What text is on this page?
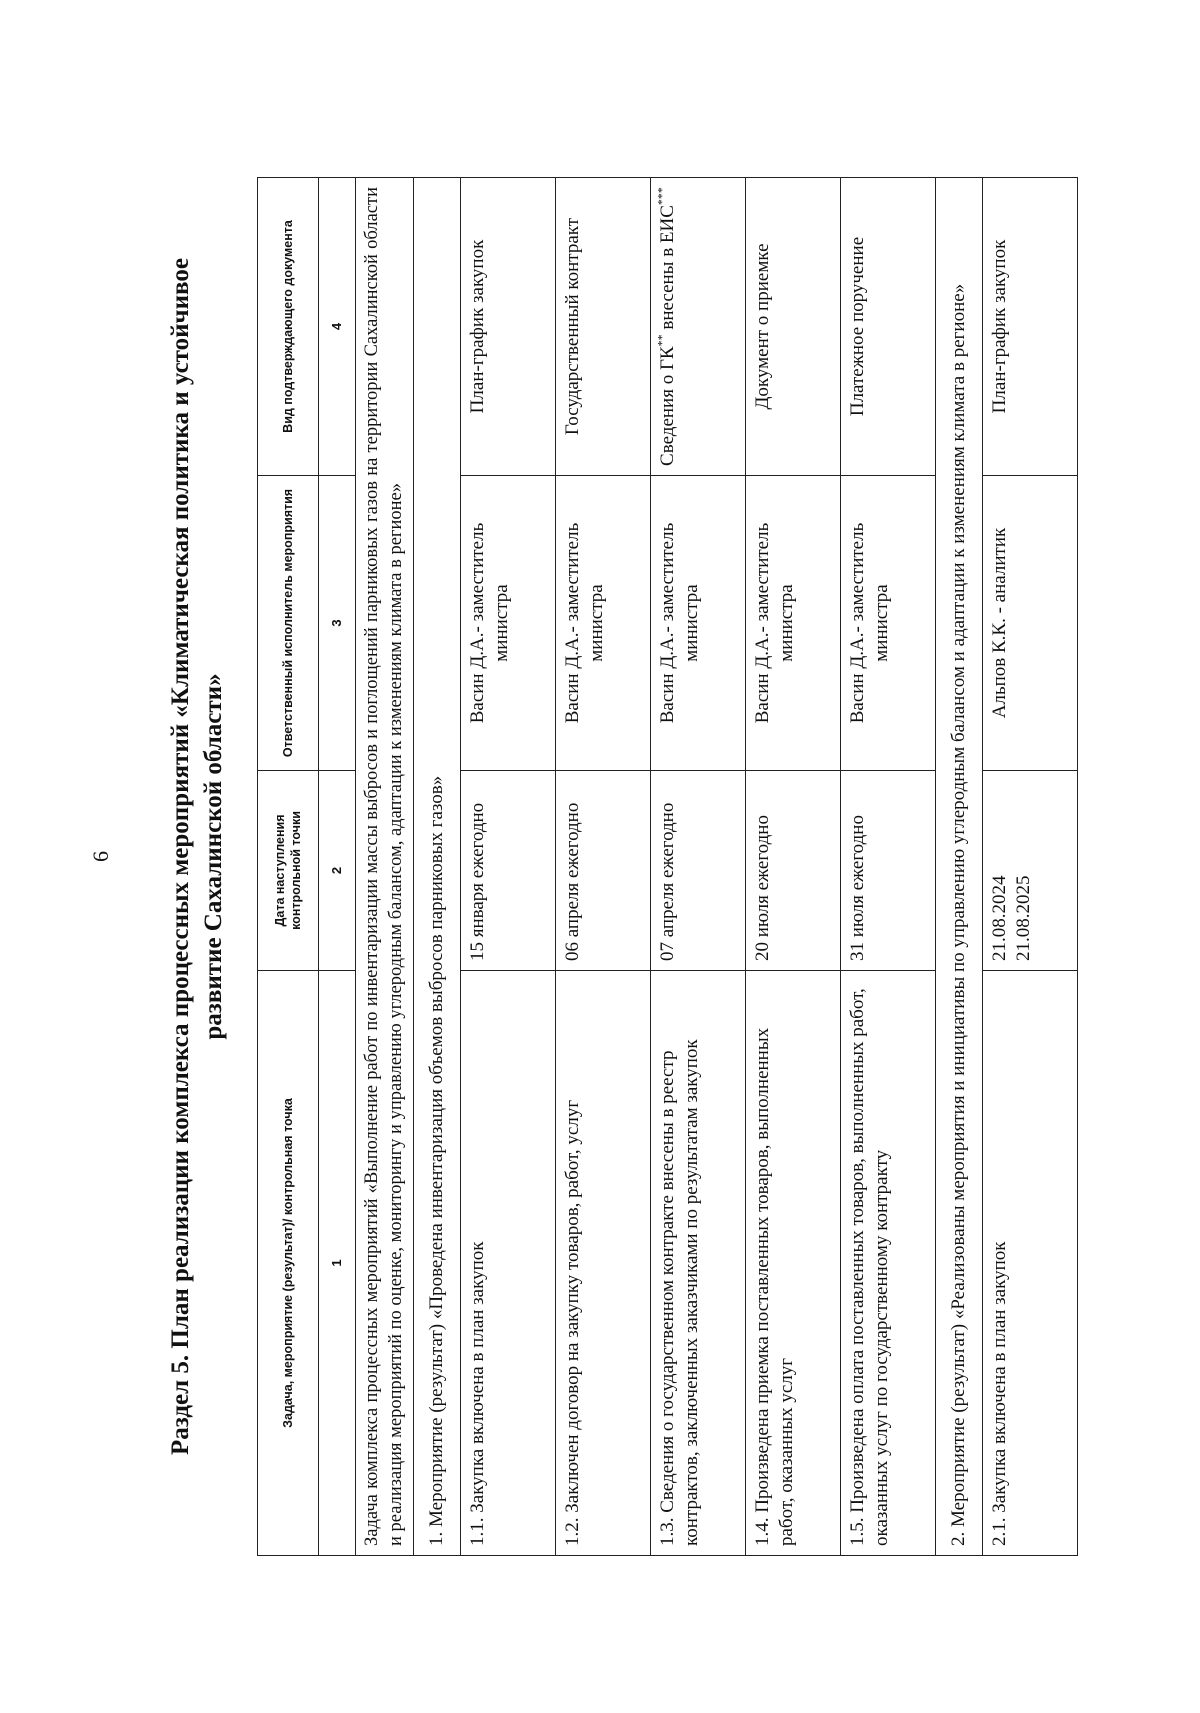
6 Раздел 5. План реализации комплекса процессных мероприятий «Климатическая политика и устойчивое развитие Сахалинской области»
Задача, мероприятие (результат)/ контрольная точка	Дата наступления контрольной точки	Ответственный исполнитель мероприятия	Вид подтверждающего документа
1	2	3	4
Задача комплекса процессных мероприятий «Выполнение работ по инвентаризации массы выбросов и поглощений парниковых газов на территории Сахалинской области и реализация мероприятий по оценке, мониторингу и управлению углеродным балансом, адаптации к изменениям климата в регионе»			
1. Мероприятие (результат) «Проведена инвентаризация объемов выбросов парниковых газов»			
1.1. Закупка включена в план закупок	15 января ежегодно	Васин Д.А.- заместитель министра	План-график закупок
1.2. Заключен договор на закупку товаров, работ, услуг	06 апреля ежегодно	Васин Д.А.- заместитель министра	Государственный контракт
1.3. Сведения о государственном контракте внесены в реестр контрактов, заключенных заказчиками по результатам закупок	07 апреля ежегодно	Васин Д.А.- заместитель министра	Сведения о ГК** внесены в ЕИС***
1.4. Произведена приемка поставленных товаров, выполненных работ, оказанных услуг	20 июля ежегодно	Васин Д.А.- заместитель министра	Документ о приемке
1.5. Произведена оплата поставленных товаров, выполненных работ, оказанных услуг по государственному контракту	31 июля ежегодно	Васин Д.А.- заместитель министра	Платежное поручение
2. Мероприятие (результат) «Реализованы мероприятия и инициативы по управлению углеродным балансом и адаптации к изменениям климата в регионе»			
2.1. Закупка включена в план закупок	21.08.2024 21.08.2025	Альпов К.К. - аналитик	План-график закупок
